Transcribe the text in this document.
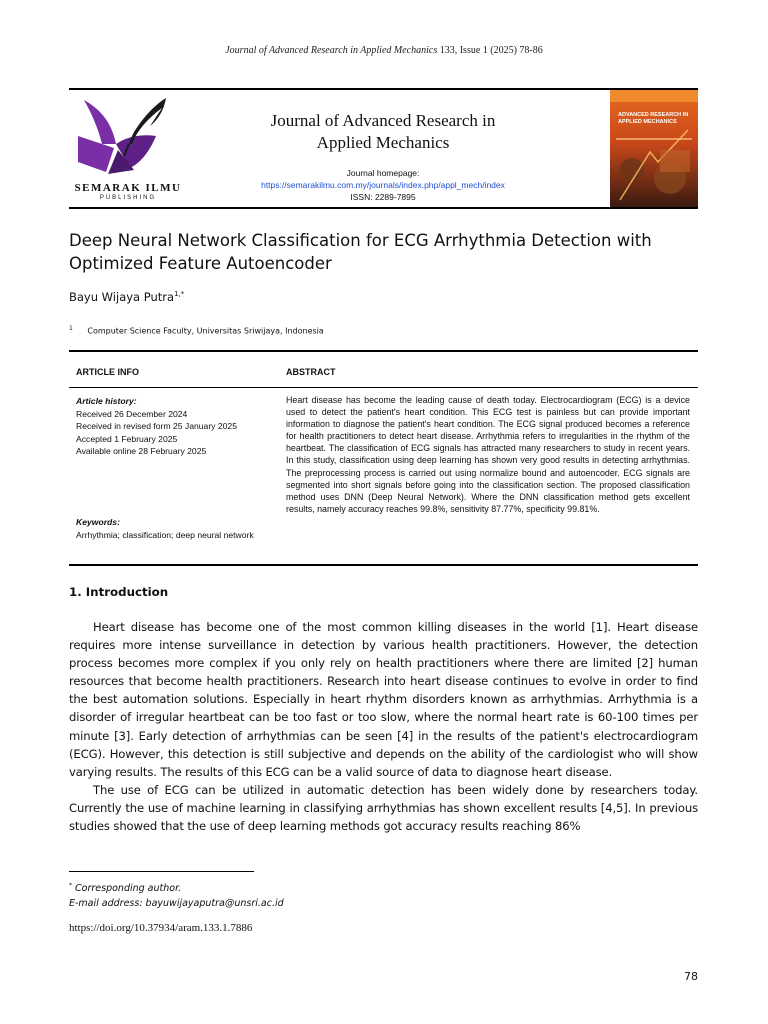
Journal of Advanced Research in Applied Mechanics 133, Issue 1 (2025) 78-86
SEMARAK ILMU
PUBLISHING
Journal of Advanced Research in
Applied Mechanics
Journal homepage:
https://semarakilmu.com.my/journals/index.php/appl_mech/index
ISSN: 2289-7895
ADVANCED RESEARCH IN APPLIED MECHANICS
Deep Neural Network Classification for ECG Arrhythmia Detection with
Optimized Feature Autoencoder
Bayu Wijaya Putra$^{1,*}$
$^1$ Computer Science Faculty, Universitas Sriwijaya, Indonesia
ARTICLE INFO	ABSTRACT
Article history:
Received 26 December 2024
Received in revised form 25 January 2025
Accepted 1 February 2025
Available online 28 February 2025
Keywords:
Arrhythmia; classification; deep neural network
Heart disease has become the leading cause of death today. Electrocardiogram (ECG) is a device used to detect the patient's heart condition. This ECG test is painless but can provide important information to diagnose the patient's heart condition. The ECG signal produced becomes a reference for health practitioners to detect heart disease. Arrhythmia refers to irregularities in the rhythm of the heartbeat. The classification of ECG signals has attracted many researchers to study in recent years. In this study, classification using deep learning has shown very good results in detecting arrhythmias. The preprocessing process is carried out using normalize bound and autoencoder. ECG signals are segmented into short signals before going into the classification section. The proposed classification method uses DNN (Deep Neural Network). Where the DNN classification method gets excellent results, namely accuracy reaches 99.8%, sensitivity 87.77%, specificity 99.81%.
1. Introduction

Heart disease has become one of the most common killing diseases in the world [1]. Heart disease requires more intense surveillance in detection by various health practitioners. However, the detection process becomes more complex if you only rely on health practitioners where there are limited [2] human resources that become health practitioners. Research into heart disease continues to evolve in order to find the best automation solutions. Especially in heart rhythm disorders known as arrhythmias. Arrhythmia is a disorder of irregular heartbeat can be too fast or too slow, where the normal heart rate is 60-100 times per minute [3]. Early detection of arrhythmias can be seen [4] in the results of the patient's electrocardiogram (ECG). However, this detection is still subjective and depends on the ability of the cardiologist who will show varying results. The results of this ECG can be a valid source of data to diagnose heart disease.

The use of ECG can be utilized in automatic detection has been widely done by researchers today. Currently the use of machine learning in classifying arrhythmias has shown excellent results [4,5]. In previous studies showed that the use of deep learning methods got accuracy results reaching 86%

* Corresponding author.
E-mail address: bayuwijayaputra@unsri.ac.id
https://doi.org/10.37934/aram.133.1.7886
78
